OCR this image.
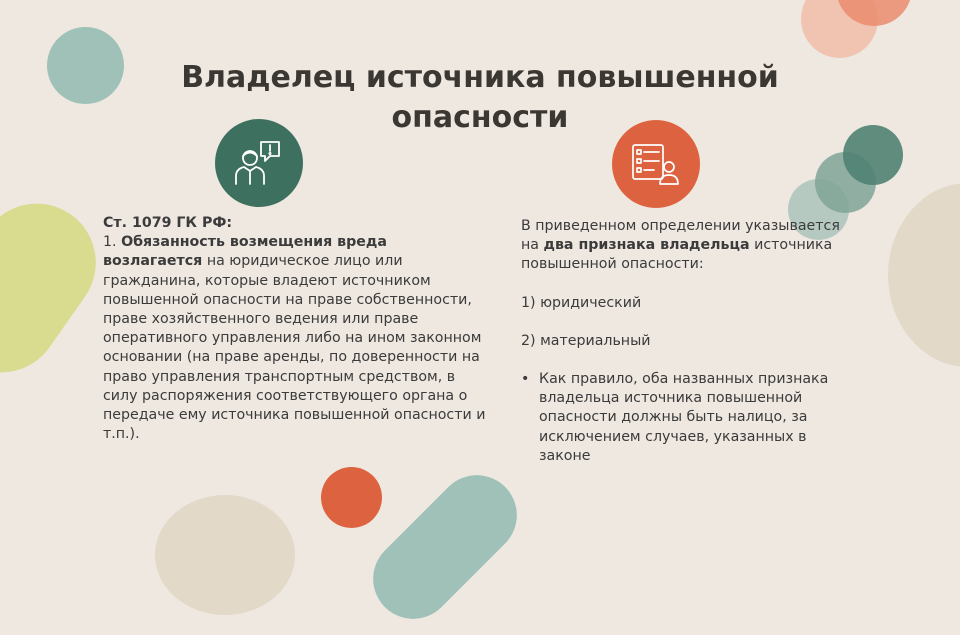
Владелец источника повышенной
опасности

Ст. 1079 ГК РФ:

1. Обязанность возмещения вреда возлагается на юридическое лицо или гражданина, которые владеют источником повышенной опасности на праве собственности, праве хозяйственного ведения или праве оперативного управления либо на ином законном основании (на праве аренды, по доверенности на право управления транспортным средством, в силу распоряжения соответствующего органа о передаче ему источника повышенной опасности и т.п.).

В приведенном определении указывается на два признака владельца источника повышенной опасности:

1) юридический

2) материальный

• Как правило, оба названных признака владельца источника повышенной опасности должны быть налицо, за исключением случаев, указанных в законе
